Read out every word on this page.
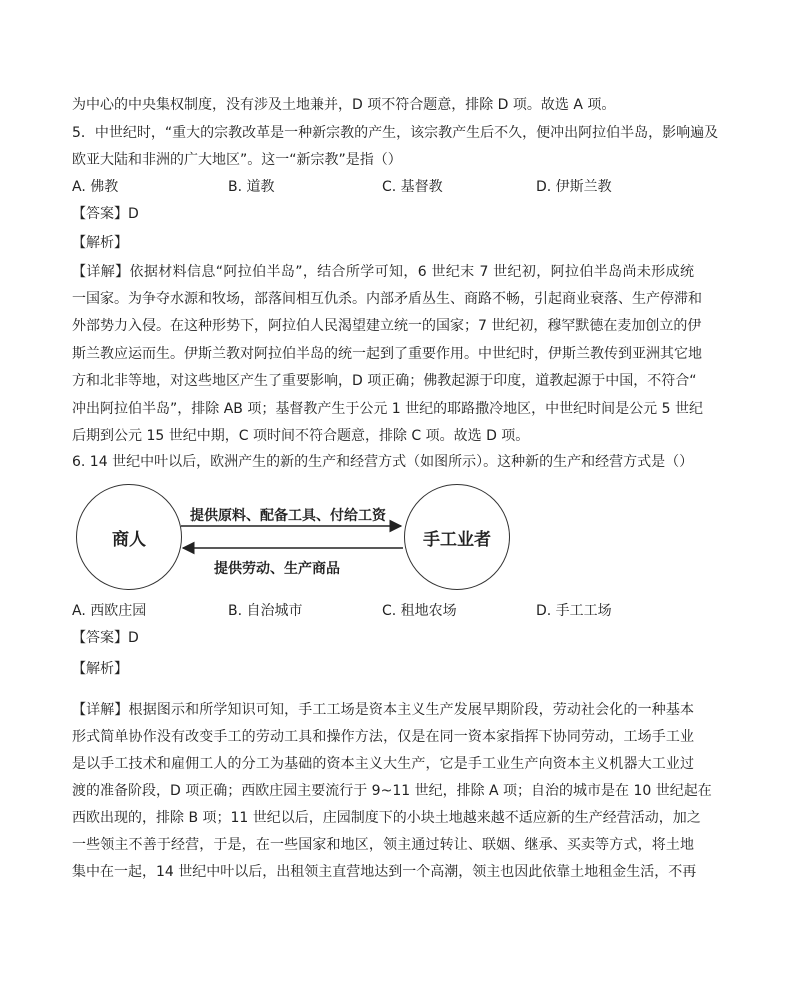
为中心的中央集权制度，没有涉及土地兼并，D 项不符合题意，排除 D 项。故选 A 项。
5．中世纪时，“重大的宗教改革是一种新宗教的产生，该宗教产生后不久，便冲出阿拉伯半岛，影响遍及
欧亚大陆和非洲的广大地区”。这一“新宗教”是指（）
A. 佛教	B. 道教	C. 基督教	D. 伊斯兰教
【答案】D
【解析】
【详解】依据材料信息“阿拉伯半岛”，结合所学可知，6 世纪末 7 世纪初，阿拉伯半岛尚未形成统
一国家。为争夺水源和牧场，部落间相互仇杀。内部矛盾丛生、商路不畅，引起商业衰落、生产停滞和
外部势力入侵。在这种形势下，阿拉伯人民渴望建立统一的国家；7 世纪初，穆罕默德在麦加创立的伊
斯兰教应运而生。伊斯兰教对阿拉伯半岛的统一起到了重要作用。中世纪时，伊斯兰教传到亚洲其它地
方和北非等地，对这些地区产生了重要影响，D 项正确；佛教起源于印度，道教起源于中国，不符合“
冲出阿拉伯半岛”，排除 AB 项；基督教产生于公元 1 世纪的耶路撒冷地区，中世纪时间是公元 5 世纪
后期到公元 15 世纪中期，C 项时间不符合题意，排除 C 项。故选 D 项。
6. 14 世纪中叶以后，欧洲产生的新的生产和经营方式（如图所示）。这种新的生产和经营方式是（）
商人	手工业者
提供原料、配备工具、付给工资
提供劳动、生产商品
A. 西欧庄园	B. 自治城市	C. 租地农场	D. 手工工场
【答案】D
【解析】
【详解】根据图示和所学知识可知，手工工场是资本主义生产发展早期阶段，劳动社会化的一种基本
形式简单协作没有改变手工的劳动工具和操作方法，仅是在同一资本家指挥下协同劳动，工场手工业
是以手工技术和雇佣工人的分工为基础的资本主义大生产，它是手工业生产向资本主义机器大工业过
渡的准备阶段，D 项正确；西欧庄园主要流行于 9~11 世纪，排除 A 项；自治的城市是在 10 世纪起在
西欧出现的，排除 B 项；11 世纪以后，庄园制度下的小块土地越来越不适应新的生产经营活动，加之
一些领主不善于经营，于是，在一些国家和地区，领主通过转让、联姻、继承、买卖等方式，将土地
集中在一起，14 世纪中叶以后，出租领主直营地达到一个高潮，领主也因此依靠土地租金生活，不再
